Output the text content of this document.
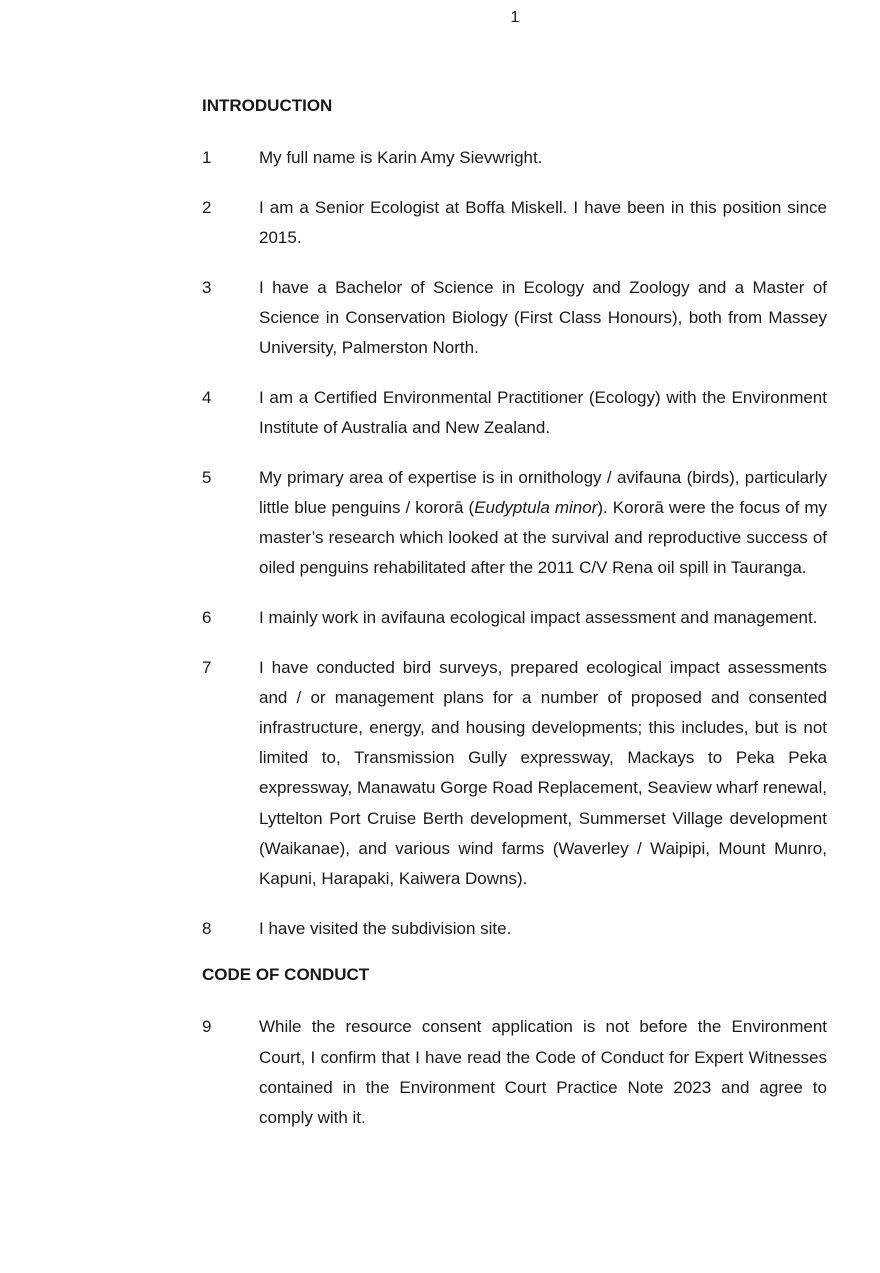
1
INTRODUCTION
1	My full name is Karin Amy Sievwright.
2	I am a Senior Ecologist at Boffa Miskell. I have been in this position since 2015.
3	I have a Bachelor of Science in Ecology and Zoology and a Master of Science in Conservation Biology (First Class Honours), both from Massey University, Palmerston North.
4	I am a Certified Environmental Practitioner (Ecology) with the Environment Institute of Australia and New Zealand.
5	My primary area of expertise is in ornithology / avifauna (birds), particularly little blue penguins / kororā (Eudyptula minor). Kororā were the focus of my master’s research which looked at the survival and reproductive success of oiled penguins rehabilitated after the 2011 C/V Rena oil spill in Tauranga.
6	I mainly work in avifauna ecological impact assessment and management.
7	I have conducted bird surveys, prepared ecological impact assessments and / or management plans for a number of proposed and consented infrastructure, energy, and housing developments; this includes, but is not limited to, Transmission Gully expressway, Mackays to Peka Peka expressway, Manawatu Gorge Road Replacement, Seaview wharf renewal, Lyttelton Port Cruise Berth development, Summerset Village development (Waikanae), and various wind farms (Waverley / Waipipi, Mount Munro, Kapuni, Harapaki, Kaiwera Downs).
8	I have visited the subdivision site.
CODE OF CONDUCT
9	While the resource consent application is not before the Environment Court, I confirm that I have read the Code of Conduct for Expert Witnesses contained in the Environment Court Practice Note 2023 and agree to comply with it.
